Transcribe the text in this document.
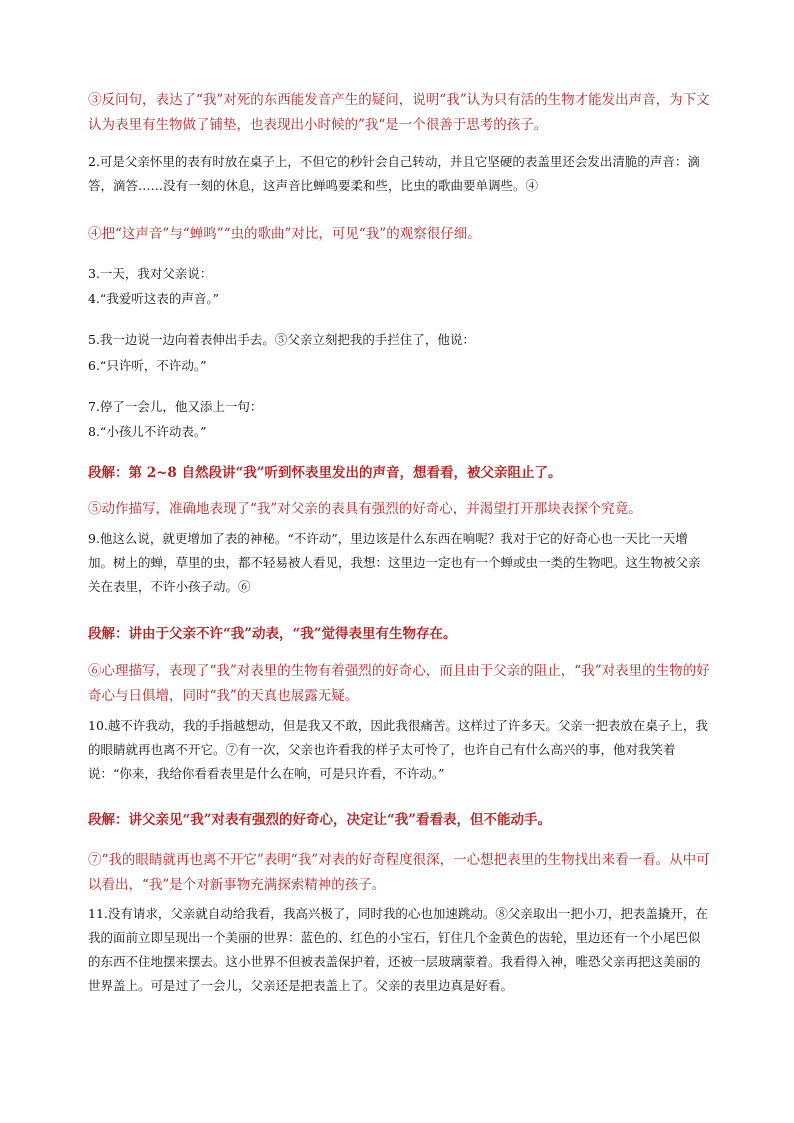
③反问句，表达了“我”对死的东西能发音产生的疑问，说明“我”认为只有活的生物才能发出声音，为下文认为表里有生物做了铺垫，也表现出小时候的”我“是一个很善于思考的孩子。
2.可是父亲怀里的表有时放在桌子上，不但它的秒针会自己转动，并且它坚硬的表盖里还会发出清脆的声音：滴答，滴答……没有一刻的休息，这声音比蝉鸣要柔和些，比虫的歌曲要单调些。④
④把“这声音”与“蝉鸣”“虫的歌曲”对比，可见“我”的观察很仔细。
3.一天，我对父亲说：
4.“我爱听这表的声音。”
5.我一边说一边向着表伸出手去。⑤父亲立刻把我的手拦住了，他说：
6.“只许听，不许动。”
7.停了一会儿，他又添上一句：
8.“小孩儿不许动表。”
段解：第 2~8 自然段讲“我”听到怀表里发出的声音，想看看，被父亲阻止了。
⑤动作描写，准确地表现了“我”对父亲的表具有强烈的好奇心，并渴望打开那块表探个究竟。
9.他这么说，就更增加了表的神秘。“不许动”，里边该是什么东西在响呢？我对于它的好奇心也一天比一天增加。树上的蝉，草里的虫，都不轻易被人看见，我想：这里边一定也有一个蝉或虫一类的生物吧。这生物被父亲关在表里，不许小孩子动。⑥
段解：讲由于父亲不许“我”动表，“我”觉得表里有生物存在。
⑥心理描写，表现了“我”对表里的生物有着强烈的好奇心，而且由于父亲的阻止，“我”对表里的生物的好奇心与日俱增，同时“我”的天真也展露无疑。
10.越不许我动，我的手指越想动，但是我又不敢，因此我很痛苦。这样过了许多天。父亲一把表放在桌子上，我的眼睛就再也离不开它。⑦有一次，父亲也许看我的样子太可怜了，也许自己有什么高兴的事，他对我笑着说：“你来，我给你看看表里是什么在响，可是只许看，不许动。”
段解：讲父亲见“我”对表有强烈的好奇心，决定让“我”看看表，但不能动手。
⑦“我的眼睛就再也离不开它”表明“我”对表的好奇程度很深，一心想把表里的生物找出来看一看。从中可以看出，“我”是个对新事物充满探索精神的孩子。
11.没有请求，父亲就自动给我看，我高兴极了，同时我的心也加速跳动。⑧父亲取出一把小刀，把表盖撬开，在我的面前立即呈现出一个美丽的世界：蓝色的、红色的小宝石，钉住几个金黄色的齿轮，里边还有一个小尾巴似的东西不住地摆来摆去。这小世界不但被表盖保护着，还被一层玻璃蒙着。我看得入神，唯恐父亲再把这美丽的世界盖上。可是过了一会儿，父亲还是把表盖上了。父亲的表里边真是好看。
